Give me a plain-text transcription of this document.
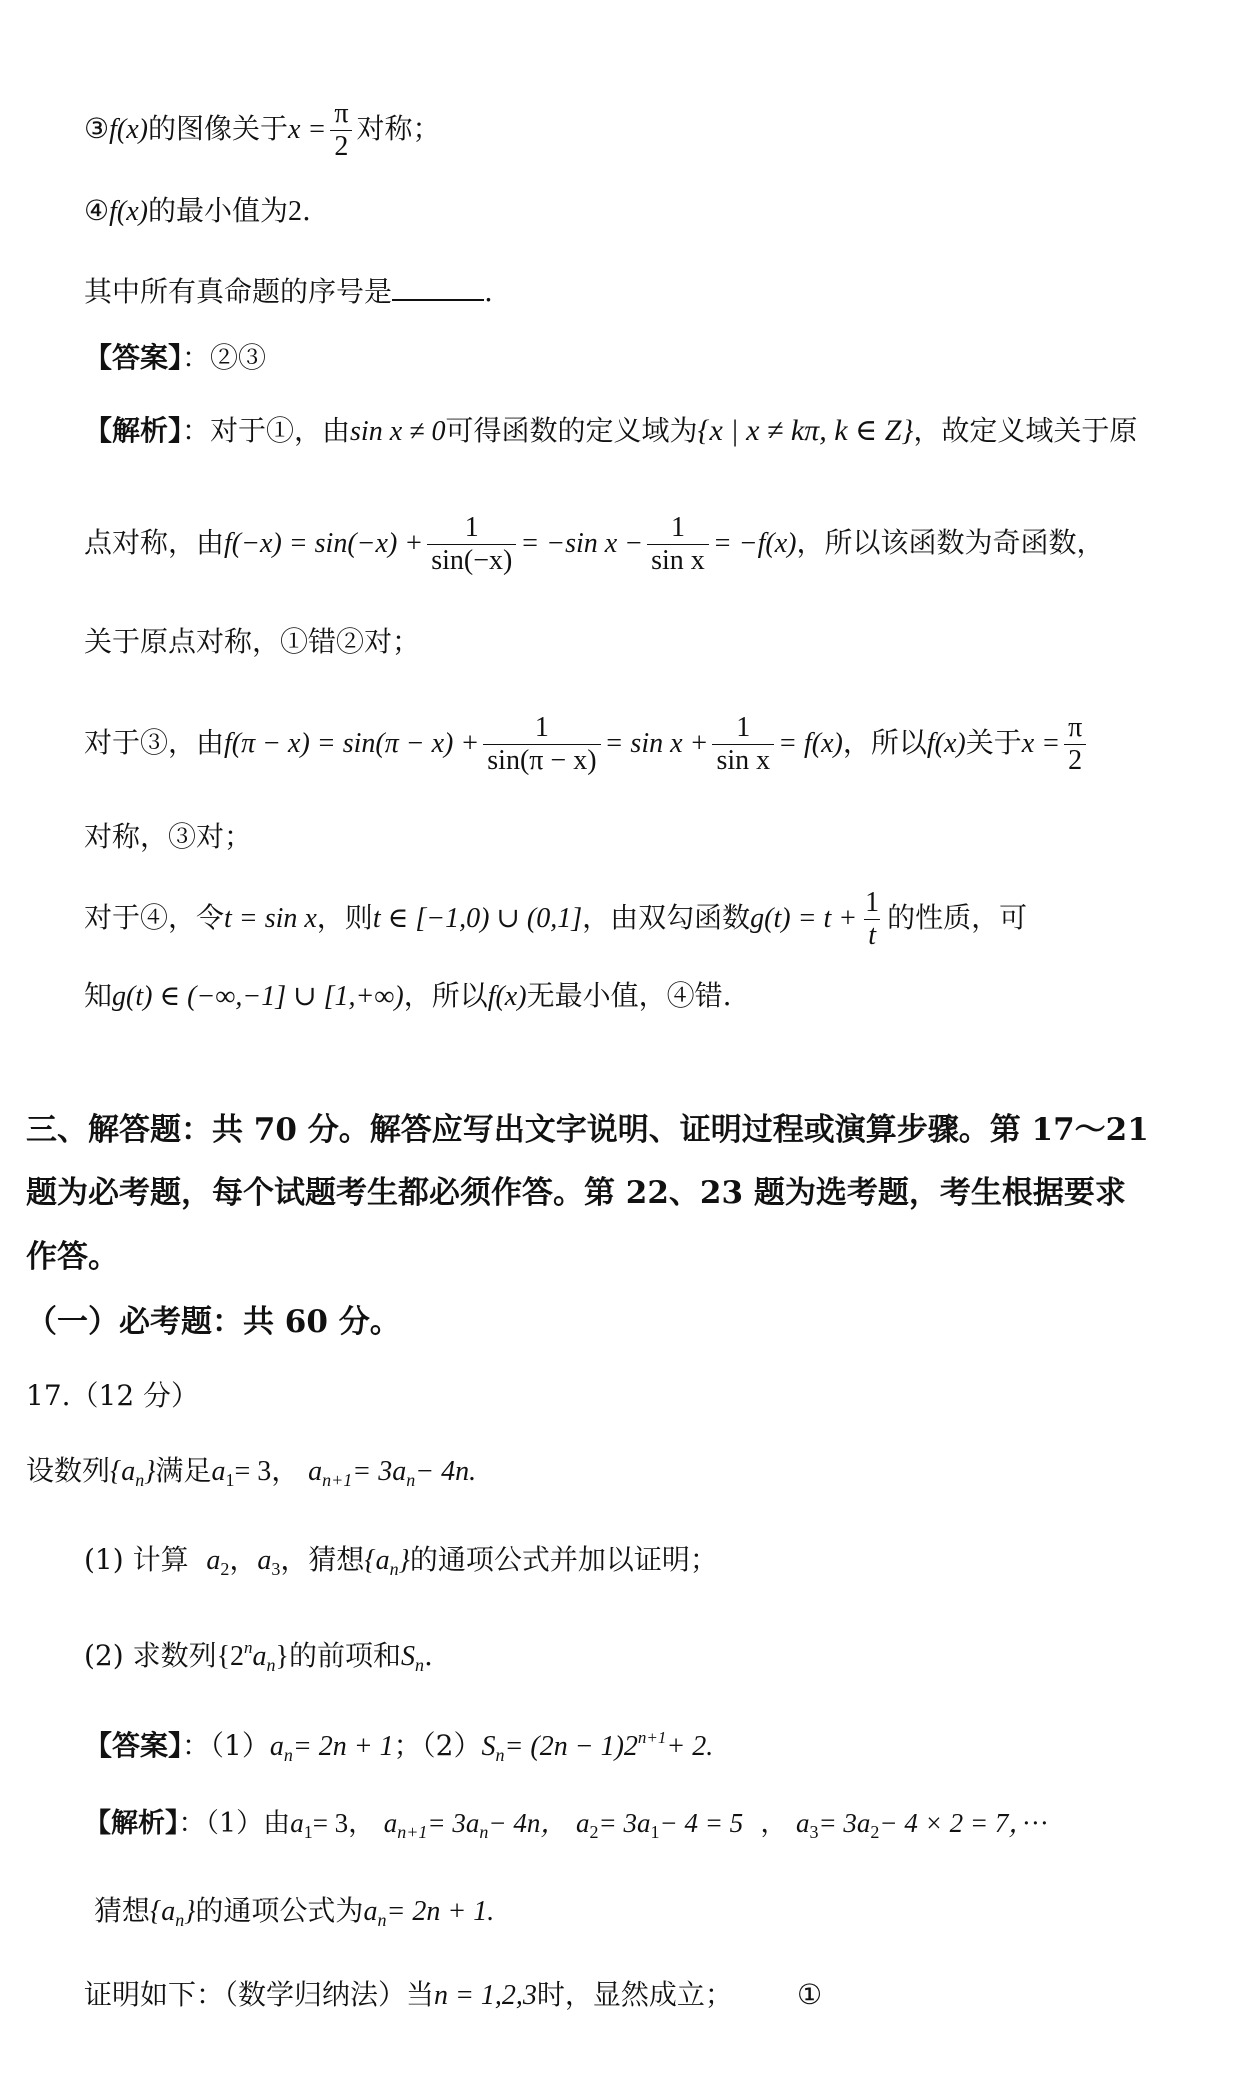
③f(x)的图像关于$x = \frac{\pi}{2}$ 对称；
④f(x)的最小值为2.
其中所有真命题的序号是	.
【答案】：②③
【解析】：对于①，由sin x ≠ 0可得函数的定义域为{x | x ≠ kπ, k ∈ Z}，故定义域关于原
点对称，由$f(-x) = \sin(-x) + \frac{1}{\sin(-x)} = -\sin$ $x - \frac{1}{\text{sin x}} = -f(x)$，所以该函数为奇函数，
关于原点对称，①错②对；
对于③，由$f(\pi - x) = \sin(\pi - x) + \frac{1}{\sin(\pi - x)} = \sin x + \frac{1}{\text{sin x}} = f(x)$，所以f(x)关于$x = \frac{\pi}{2}$
对称，③对；
对于④，令t = sin x，则t ∈ [−1,0) ∪ (0,1]，由双勾函数$g(t) = t + \frac{1}{t}$ 的性质，可
知g(t) ∈ (−∞,−1] ∪ [1,+∞)，所以f(x)无最小值，④错.
三、解答题：共 70 分。解答应写出文字说明、证明过程或演算步骤。第 17～21
题为必考题，每个试题考生都必须作答。第 22、23 题为选考题，考生根据要求
作答。
（一）必考题：共 60 分。
17.（12 分）
设数列$\{a_n\}$满足$a_1= 3$， $a_{n+1}= 3a_n- 4n$.
(1) 计算 $a_2$，$a_3$，猜想$\{a_n\}$的通项公式并加以证明；
(2) 求数列$\{2^na_n\}$的前项和$S_n$.
【答案】：$(1)a_n= 2n + 1$；$(2)S_n= (2n - 1)2^{n+1}+ 2$.
【解析】：（1）由$a_1= 3$， $a_{n+1}= 3a_n- 4n$， $a_2= 3a_1- 4 = 5$ ， $a_3= 3a_2- 4 \times 2 = 7$，···
猜想$\{a_n\}$的通项公式为$a_n= 2n + 1$.
证明如下：（数学归纳法）当n = 1,2,3时，显然成立； ①
